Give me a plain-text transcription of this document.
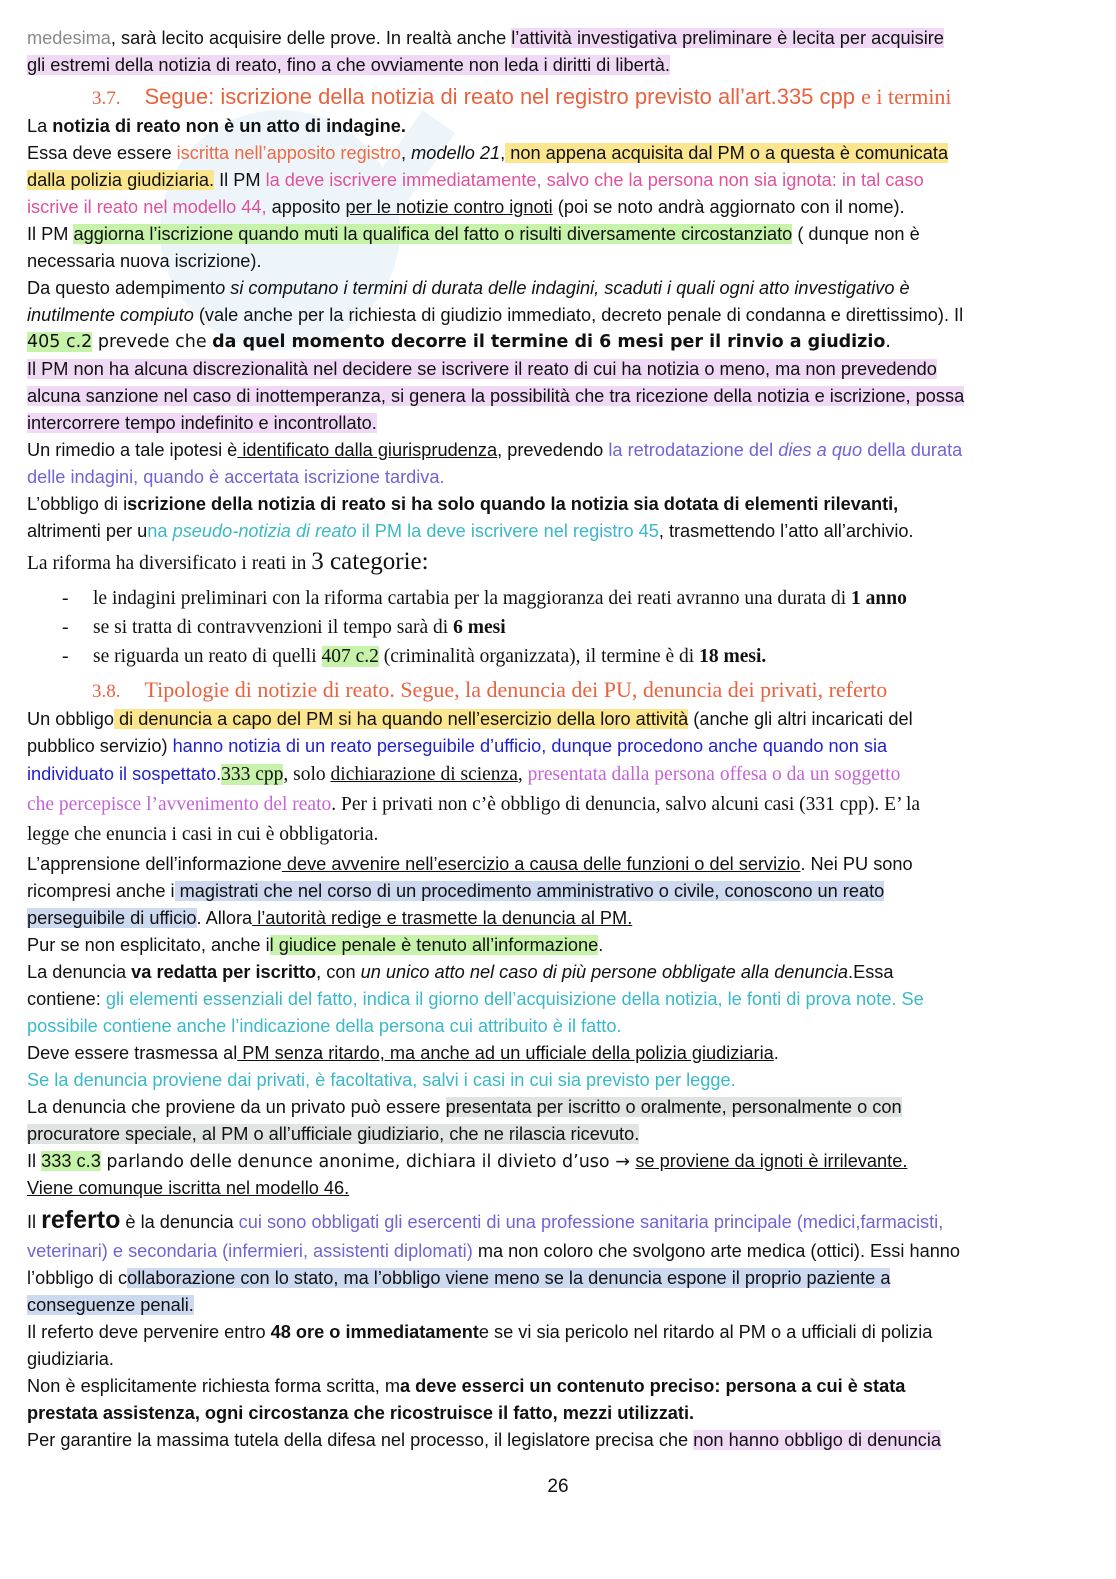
medesima, sarà lecito acquisire delle prove. In realtà anche l’attività investigativa preliminare è lecita per acquisire
gli estremi della notizia di reato, fino a che ovviamente non leda i diritti di libertà.
3.7. Segue: iscrizione della notizia di reato nel registro previsto all’art.335 cpp e i termini
La notizia di reato non è un atto di indagine.
Essa deve essere iscritta nell’apposito registro, modello 21, non appena acquisita dal PM o a questa è comunicata
dalla polizia giudiziaria. Il PM la deve iscrivere immediatamente, salvo che la persona non sia ignota: in tal caso
iscrive il reato nel modello 44, apposito per le notizie contro ignoti (poi se noto andrà aggiornato con il nome).
Il PM aggiorna l’iscrizione quando muti la qualifica del fatto o risulti diversamente circostanziato ( dunque non è
necessaria nuova iscrizione).
Da questo adempimento si computano i termini di durata delle indagini, scaduti i quali ogni atto investigativo è
inutilmente compiuto (vale anche per la richiesta di giudizio immediato, decreto penale di condanna e direttissimo). Il
405 c.2 prevede che da quel momento decorre il termine di 6 mesi per il rinvio a giudizio.
Il PM non ha alcuna discrezionalità nel decidere se iscrivere il reato di cui ha notizia o meno, ma non prevedendo
alcuna sanzione nel caso di inottemperanza, si genera la possibilità che tra ricezione della notizia e iscrizione, possa
intercorrere tempo indefinito e incontrollato.
Un rimedio a tale ipotesi è identificato dalla giurisprudenza, prevedendo la retrodatazione del dies a quo della durata
delle indagini, quando è accertata iscrizione tardiva.
L’obbligo di iscrizione della notizia di reato si ha solo quando la notizia sia dotata di elementi rilevanti,
altrimenti per una pseudo-notizia di reato il PM la deve iscrivere nel registro 45, trasmettendo l’atto all’archivio.
La riforma ha diversificato i reati in 3 categorie:
- le indagini preliminari con la riforma cartabia per la maggioranza dei reati avranno una durata di 1 anno
- se si tratta di contravvenzioni il tempo sarà di 6 mesi
- se riguarda un reato di quelli 407 c.2 (criminalità organizzata), il termine è di 18 mesi.
3.8. Tipologie di notizie di reato. Segue, la denuncia dei PU, denuncia dei privati, referto
Un obbligo di denuncia a capo del PM si ha quando nell’esercizio della loro attività (anche gli altri incaricati del
pubblico servizio) hanno notizia di un reato perseguibile d’ufficio, dunque procedono anche quando non sia
individuato il sospettato.333 cpp, solo dichiarazione di scienza, presentata dalla persona offesa o da un soggetto
che percepisce l’avvenimento del reato. Per i privati non c’è obbligo di denuncia, salvo alcuni casi (331 cpp). E’ la
legge che enuncia i casi in cui è obbligatoria.
L’apprensione dell’informazione deve avvenire nell’esercizio a causa delle funzioni o del servizio. Nei PU sono
ricompresi anche i magistrati che nel corso di un procedimento amministrativo o civile, conoscono un reato
perseguibile di ufficio. Allora l’autorità redige e trasmette la denuncia al PM.
Pur se non esplicitato, anche il giudice penale è tenuto all’informazione.
La denuncia va redatta per iscritto, con un unico atto nel caso di più persone obbligate alla denuncia.Essa
contiene: gli elementi essenziali del fatto, indica il giorno dell’acquisizione della notizia, le fonti di prova note. Se
possibile contiene anche l’indicazione della persona cui attribuito è il fatto.
Deve essere trasmessa al PM senza ritardo, ma anche ad un ufficiale della polizia giudiziaria.
Se la denuncia proviene dai privati, è facoltativa, salvi i casi in cui sia previsto per legge.
La denuncia che proviene da un privato può essere presentata per iscritto o oralmente, personalmente o con
procuratore speciale, al PM o all’ufficiale giudiziario, che ne rilascia ricevuto.
Il 333 c.3 parlando delle denunce anonime, dichiara il divieto d’uso → se proviene da ignoti è irrilevante.
Viene comunque iscritta nel modello 46.
Il referto è la denuncia cui sono obbligati gli esercenti di una professione sanitaria principale (medici,farmacisti,
veterinari) e secondaria (infermieri, assistenti diplomati) ma non coloro che svolgono arte medica (ottici). Essi hanno
l’obbligo di collaborazione con lo stato, ma l’obbligo viene meno se la denuncia espone il proprio paziente a
conseguenze penali.
Il referto deve pervenire entro 48 ore o immediatamente se vi sia pericolo nel ritardo al PM o a ufficiali di polizia
giudiziaria.
Non è esplicitamente richiesta forma scritta, ma deve esserci un contenuto preciso: persona a cui è stata
prestata assistenza, ogni circostanza che ricostruisce il fatto, mezzi utilizzati.
Per garantire la massima tutela della difesa nel processo, il legislatore precisa che non hanno obbligo di denuncia
26
